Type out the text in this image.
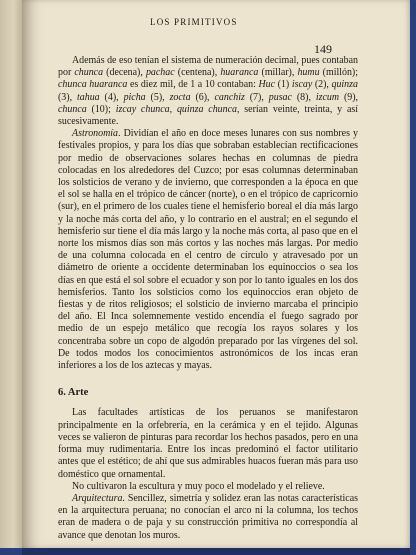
LOS PRIMITIVOS
149

Además de eso tenían el sistema de numeración decimal, pues contaban por chunca (decena), pachac (centena), huaranca (millar), humu (millón); chunca huaranca es diez mil, de 1 a 10 contaban: Huc (1) iscay (2), quinza (3), tahua (4), picha (5), zocta (6), canchiz (7), pusac (8), izcum (9), chunca (10); izcay chunca, quinza chunca, serían veinte, treinta, y así sucesivamente.

Astronomía. Dividían el año en doce meses lunares con sus nombres y festivales propios, y para los días que sobraban establecían rectificaciones por medio de observaciones solares hechas en columnas de piedra colocadas en los alrededores del Cuzco; por esas columnas determinaban los solsticios de verano y de invierno, que corresponden a la época en que el sol se halla en el trópico de cáncer (norte), o en el trópico de capricornio (sur), en el primero de los cuales tiene el hemisferio boreal el día más largo y la noche más corta del año, y lo contrario en el austral; en el segundo el hemisferio sur tiene el día más largo y la noche más corta, al paso que en el norte los mismos días son más cortos y las noches más largas. Por medio de una columna colocada en el centro de círculo y atravesado por un diámetro de oriente a occidente determinaban los equinoccios o sea los días en que está el sol sobre el ecuador y son por lo tanto iguales en los dos hemisferios. Tanto los solsticios como los equinoccios eran objeto de fiestas y de ritos religiosos; el solsticio de invierno marcaba el principio del año. El Inca solemnemente vestido encendía el fuego sagrado por medio de un espejo metálico que recogía los rayos solares y los concentraba sobre un copo de algodón preparado por las vírgenes del sol. De todos modos los conocimientos astronómicos de los incas eran inferiores a los de los aztecas y mayas.

6. Arte

Las facultades artísticas de los peruanos se manifestaron principalmente en la orfebrería, en la cerámica y en el tejido. Algunas veces se valieron de pinturas para recordar los hechos pasados, pero en una forma muy rudimentaria. Entre los incas predominó el factor utilitario antes que el estético; de ahí que sus admirables huacos fueran más para uso doméstico que ornamental.

No cultivaron la escultura y muy poco el modelado y el relieve.

Arquitectura. Sencillez, simetría y solidez eran las notas características en la arquitectura peruana; no conocían el arco ni la columna, los techos eran de madera o de paja y su construcción primitiva no correspondía al avance que denotan los muros.
